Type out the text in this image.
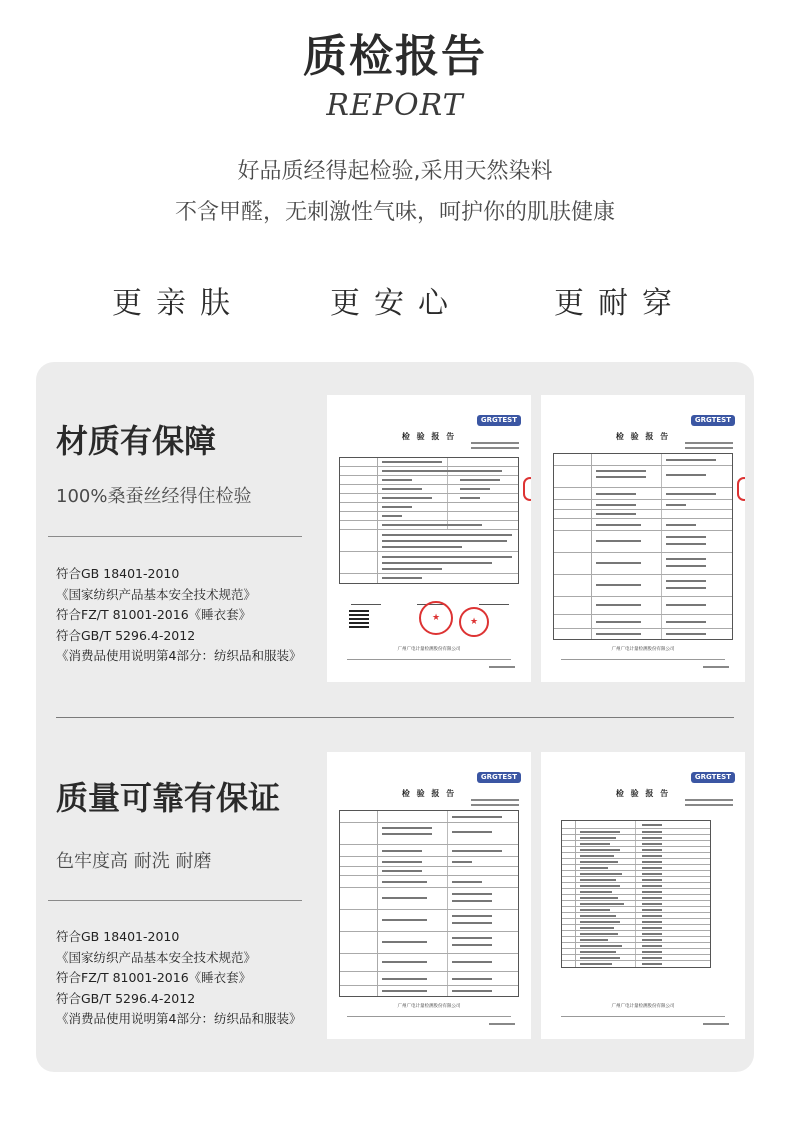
质检报告
REPORT
好品质经得起检验,采用天然染料
不含甲醛，无刺激性气味，呵护你的肌肤健康
更亲肤	更安心	更耐穿
材质有保障
100%桑蚕丝经得住检验
符合GB 18401-2010
《国家纺织产品基本安全技术规范》
符合FZ/T 81001-2016《睡衣套》
符合GB/T 5296.4-2012
《消费品使用说明第4部分：纺织品和服装》
GRGTEST
检 验 报 告
★	★
广州广电计量检测股份有限公司
GRGTEST
检 验 报 告
广州广电计量检测股份有限公司
质量可靠有保证
色牢度高 耐洗 耐磨
符合GB 18401-2010
《国家纺织产品基本安全技术规范》
符合FZ/T 81001-2016《睡衣套》
符合GB/T 5296.4-2012
《消费品使用说明第4部分：纺织品和服装》
GRGTEST
检 验 报 告
广州广电计量检测股份有限公司
GRGTEST
检 验 报 告
广州广电计量检测股份有限公司
